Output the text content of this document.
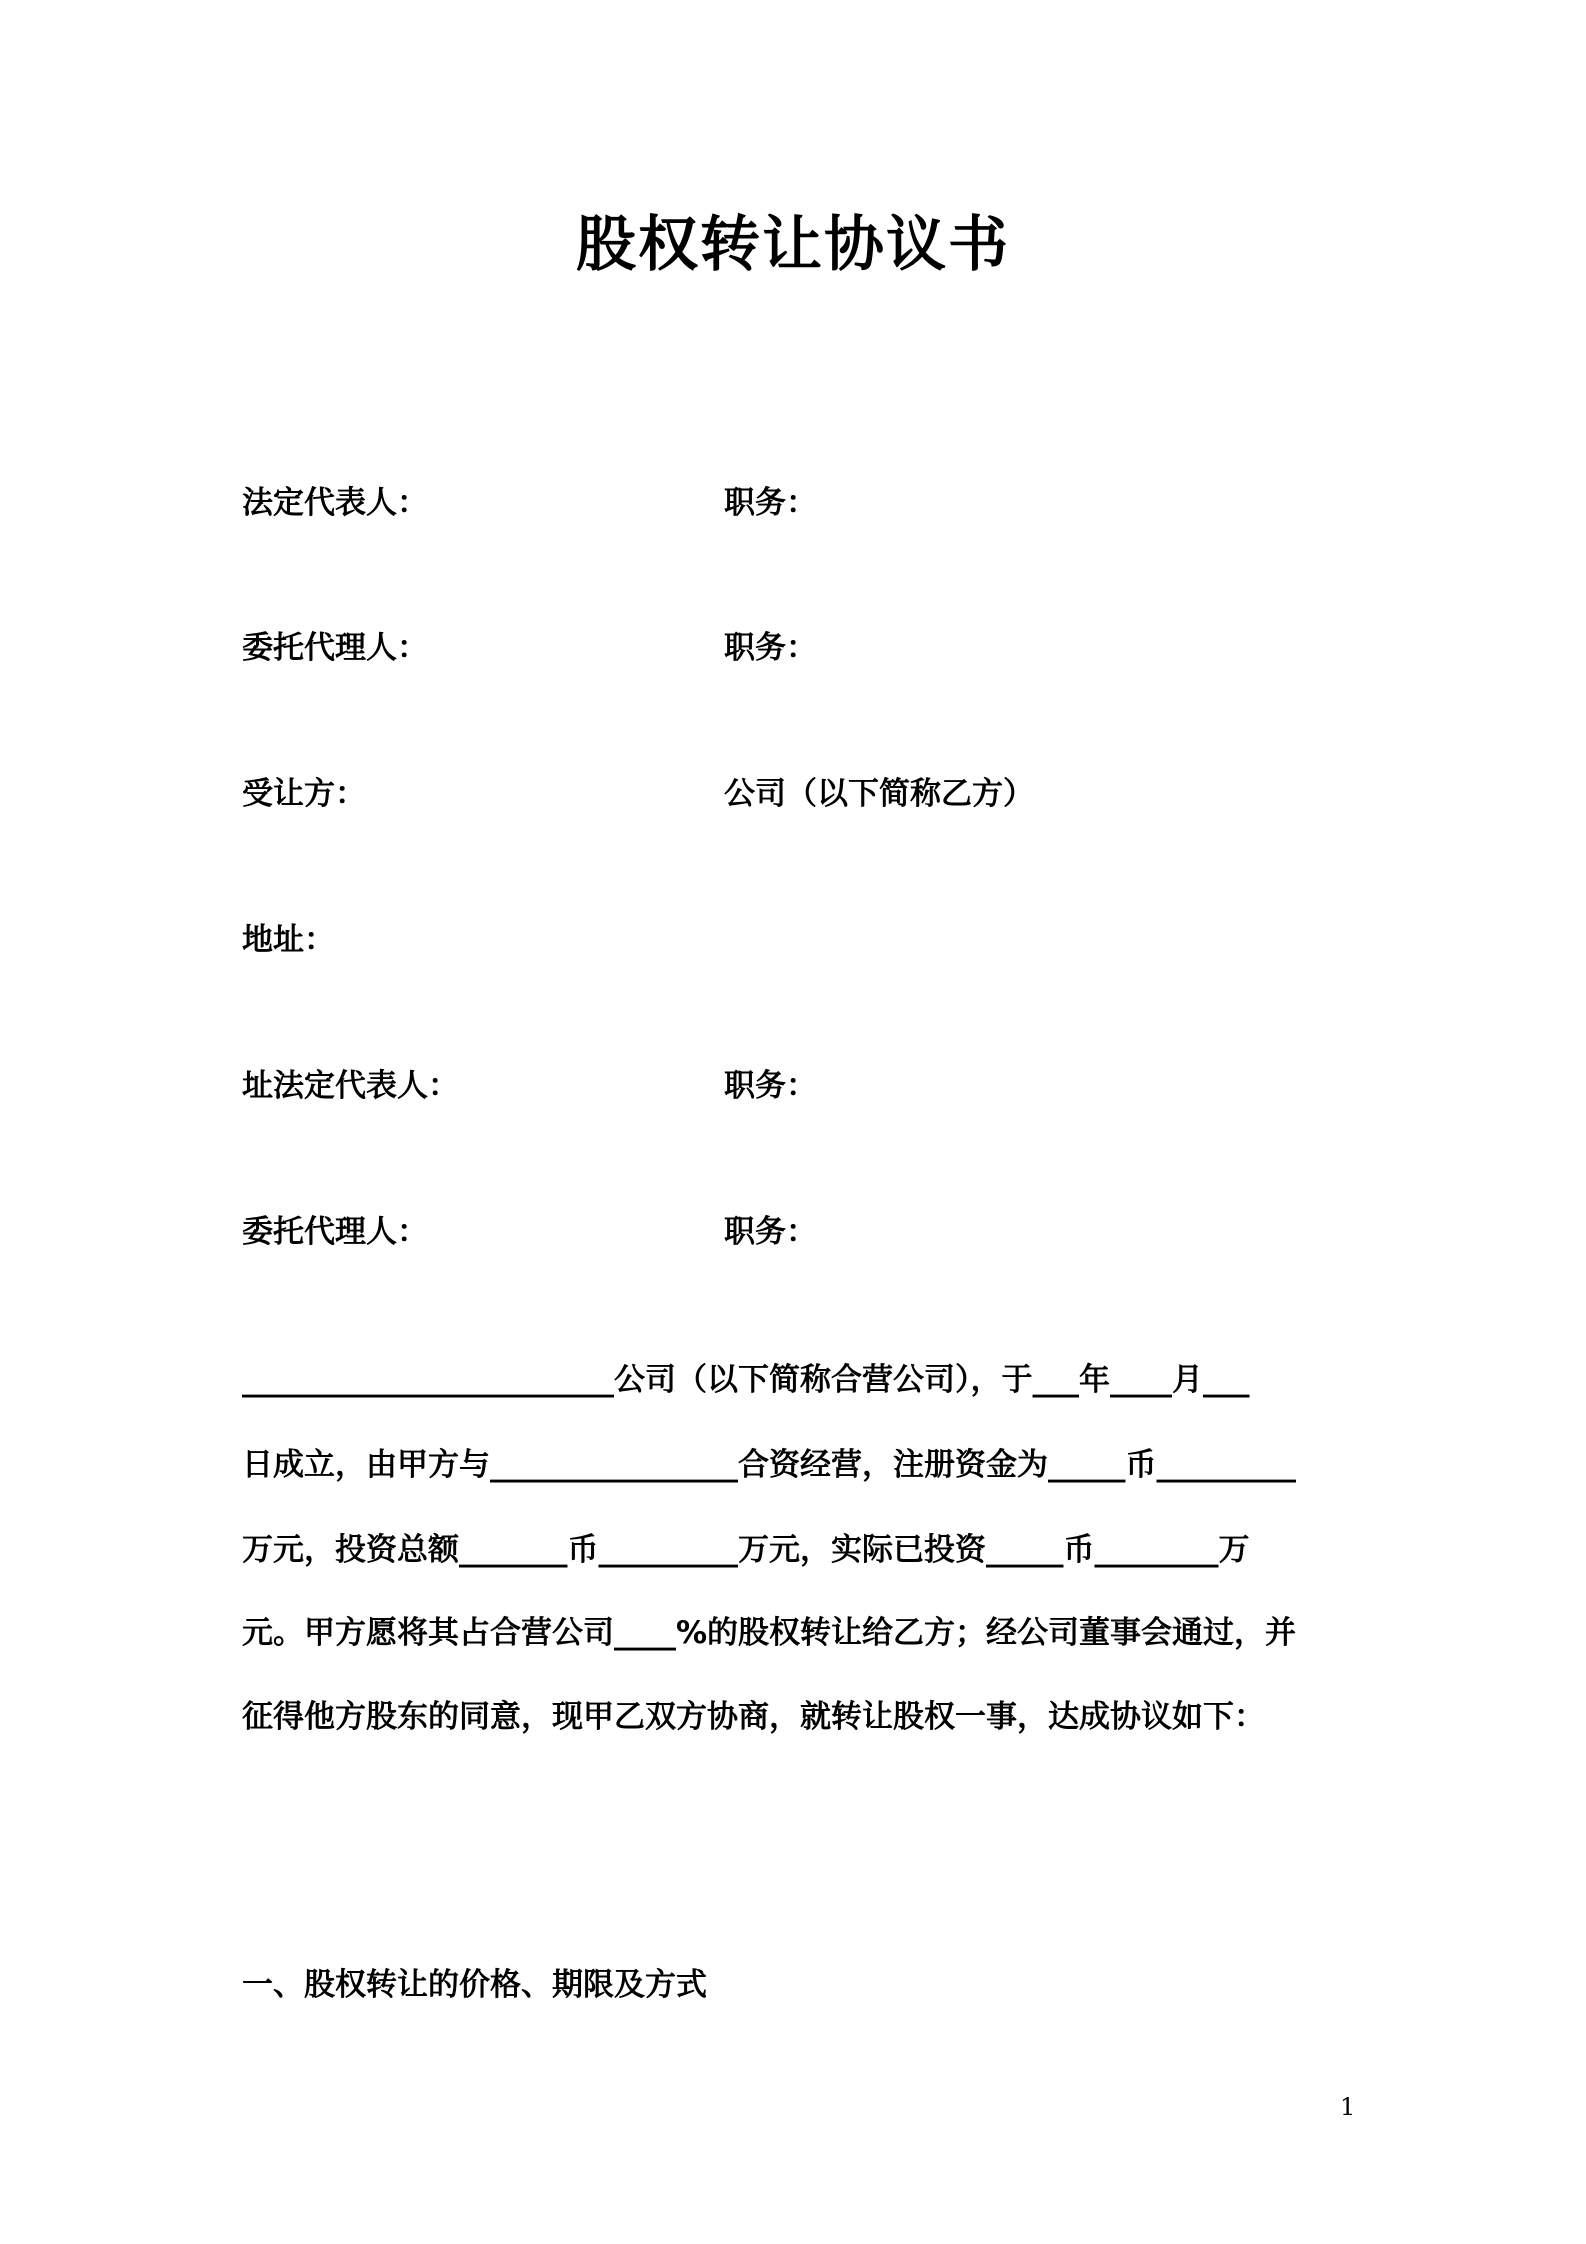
股权转让协议书
法定代表人：	职务：
委托代理人：	职务：
受让方：	公司（以下简称乙方）
地址：
址法定代表人：	职务：
委托代理人：	职务：
________________________公司（以下简称合营公司），于___年____月___
日成立，由甲方与________________合资经营，注册资金为_____币_________
万元，投资总额_______币_________万元，实际已投资_____币________万
元。甲方愿将其占合营公司____%的股权转让给乙方；经公司董事会通过，并
征得他方股东的同意，现甲乙双方协商，就转让股权一事，达成协议如下：
一、股权转让的价格、期限及方式
1
